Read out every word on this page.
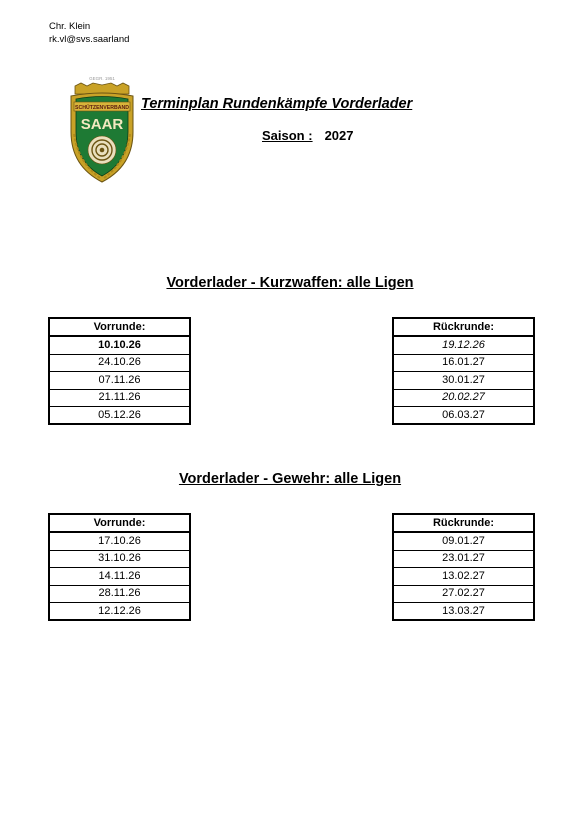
Chr. Klein
rk.vl@svs.saarland
GEGR. 1951
SCHÜTZENVERBAND
SAAR
Terminplan Rundenkämpfe Vorderlader
Saison : 2027
Vorderlader - Kurzwaffen: alle Ligen
Vorrunde:
10.10.26
24.10.26
07.11.26
21.11.26
05.12.26
Rückrunde:
19.12.26
16.01.27
30.01.27
20.02.27
06.03.27
Vorderlader - Gewehr: alle Ligen
Vorrunde:
17.10.26
31.10.26
14.11.26
28.11.26
12.12.26
Rückrunde:
09.01.27
23.01.27
13.02.27
27.02.27
13.03.27
